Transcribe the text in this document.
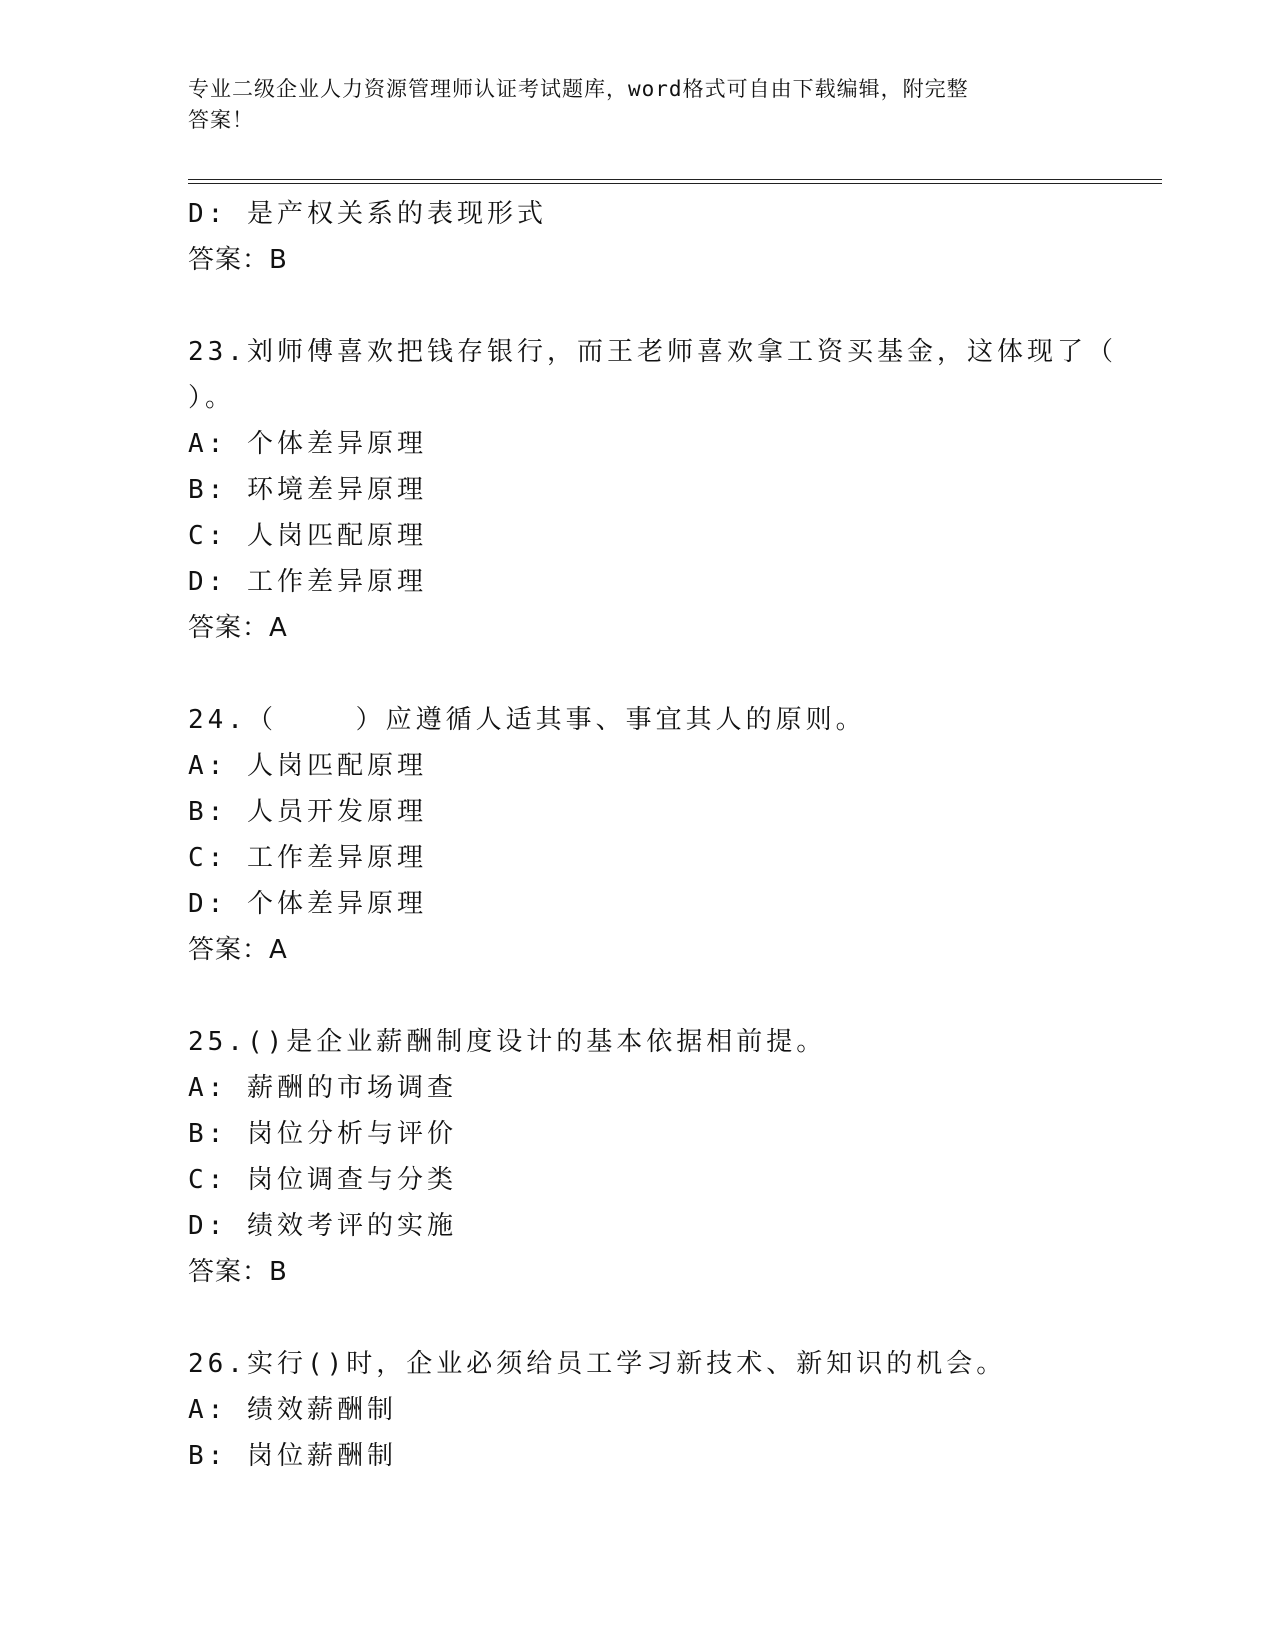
专业二级企业人力资源管理师认证考试题库，word格式可自由下载编辑，附完整
答案！
D: 是产权关系的表现形式
答案：B
23.刘师傅喜欢把钱存银行，而王老师喜欢拿工资买基金，这体现了（
）。
A: 个体差异原理
B: 环境差异原理
C: 人岗匹配原理
D: 工作差异原理
答案：A
24.（    ）应遵循人适其事、事宜其人的原则。
A: 人岗匹配原理
B: 人员开发原理
C: 工作差异原理
D: 个体差异原理
答案：A
25.()是企业薪酬制度设计的基本依据相前提。
A: 薪酬的市场调查
B: 岗位分析与评价
C: 岗位调查与分类
D: 绩效考评的实施
答案：B
26.实行()时，企业必须给员工学习新技术、新知识的机会。
A: 绩效薪酬制
B: 岗位薪酬制
